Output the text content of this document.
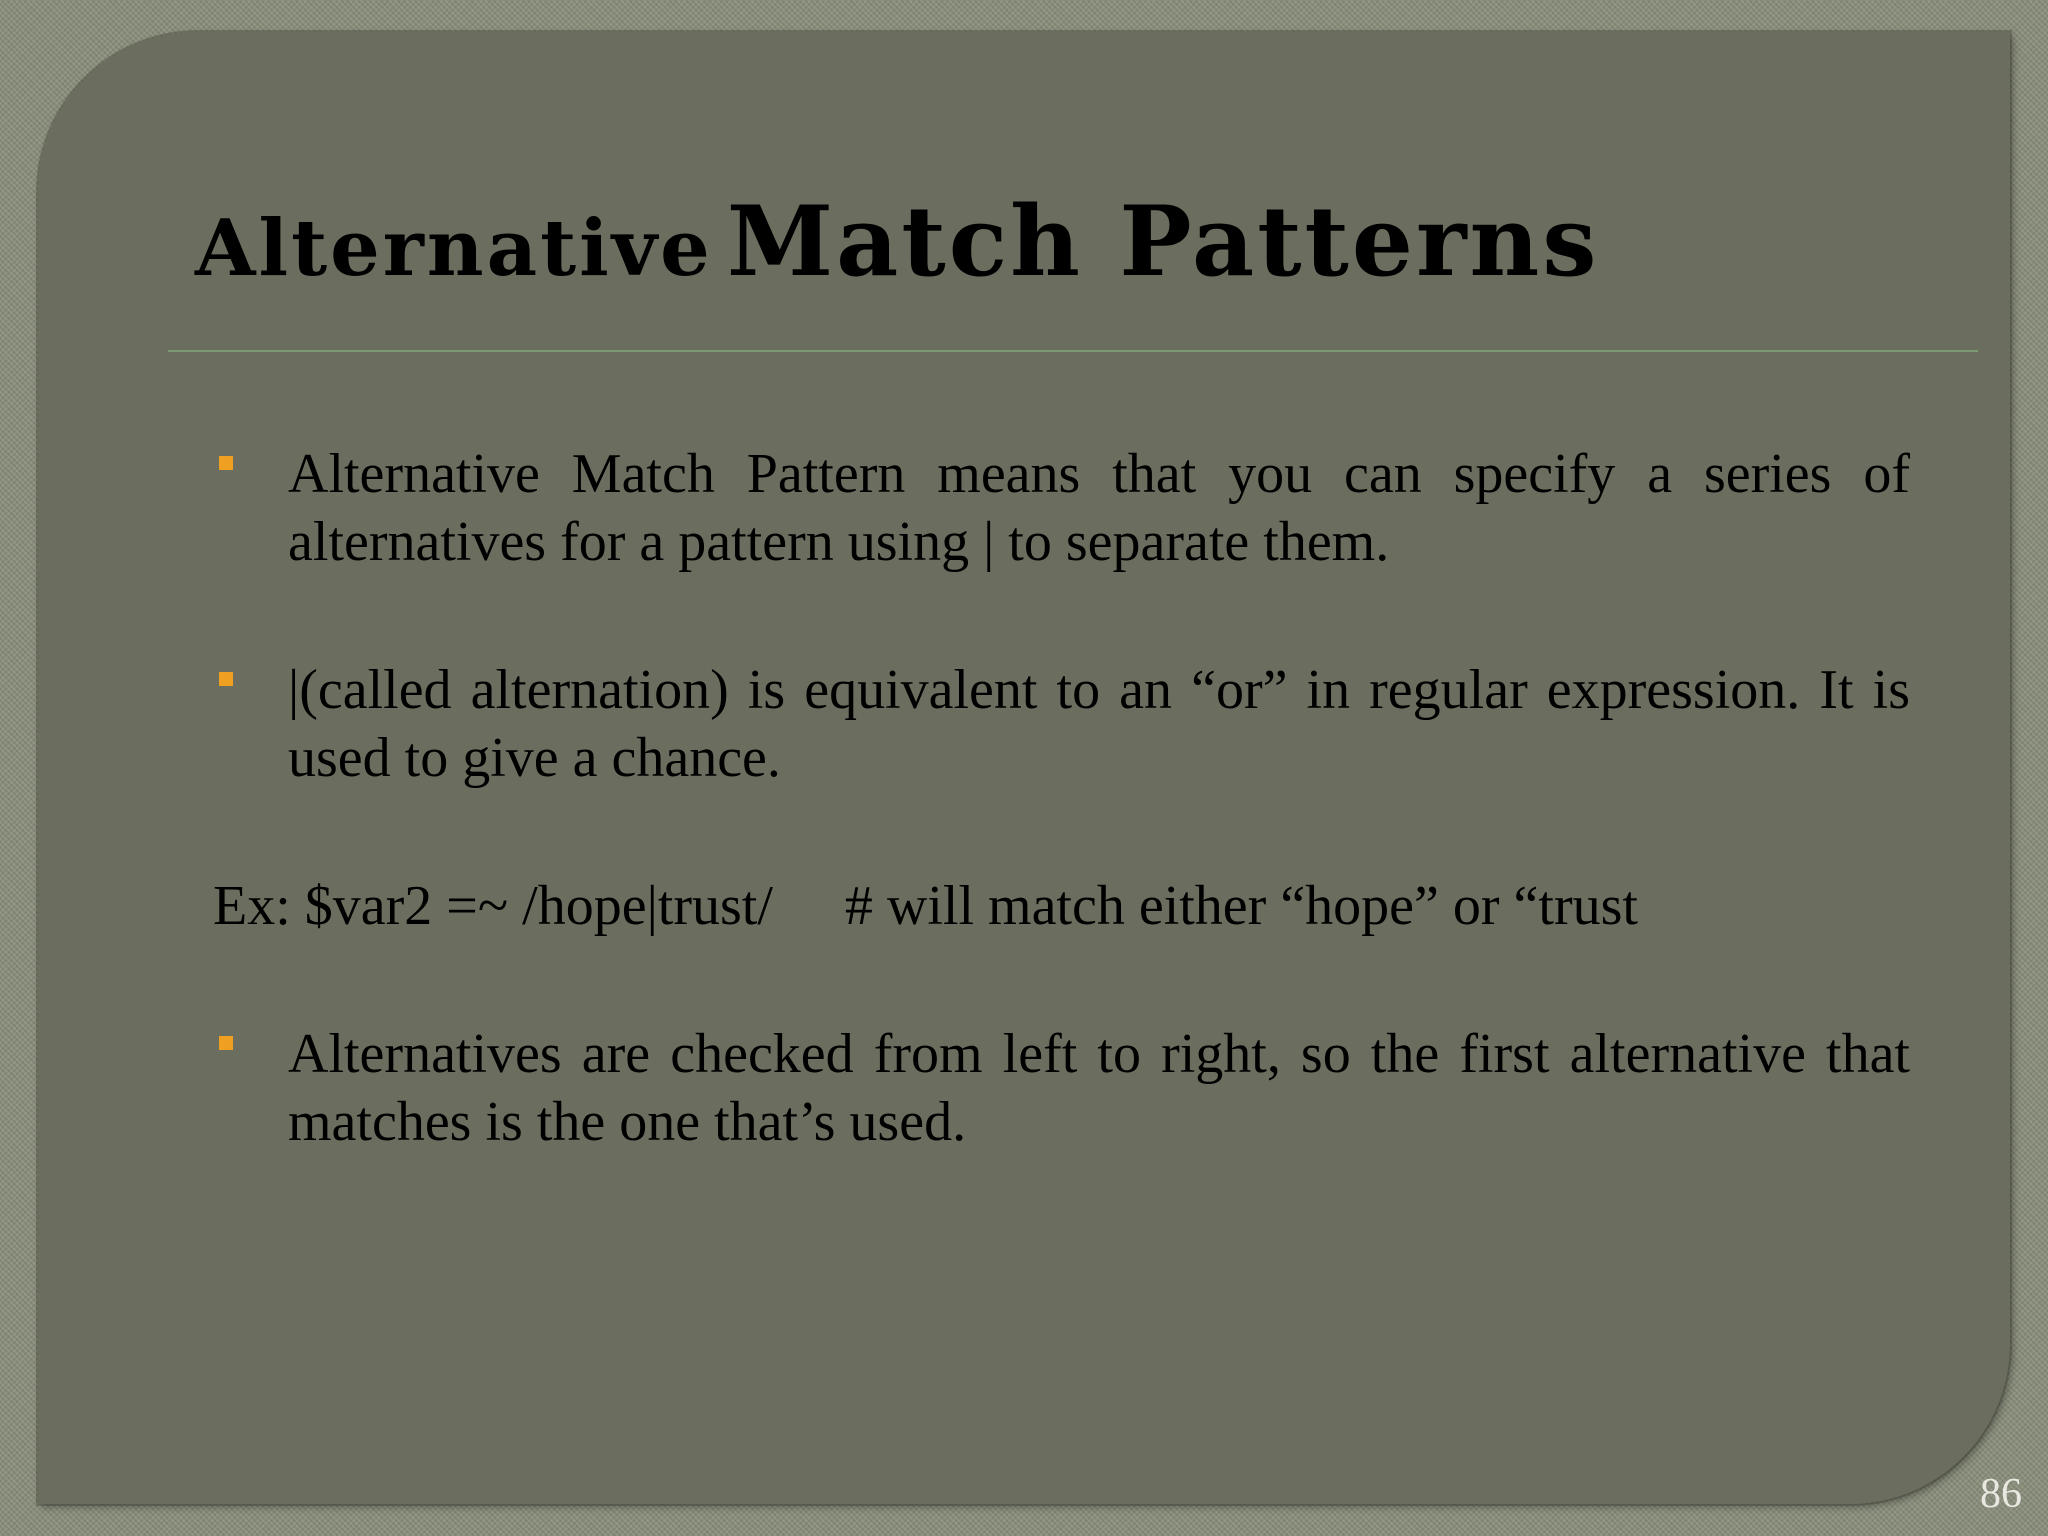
Alternative Match Patterns
Alternative Match Pattern means that you can specify a series of alternatives for a pattern using | to separate them.
|(called alternation) is equivalent to an “or” in regular expression. It is used to give a chance.
Ex: $var2 =~ /hope|trust/ # will match either “hope” or “trust
Alternatives are checked from left to right, so the first alternative that matches is the one that’s used.
86
